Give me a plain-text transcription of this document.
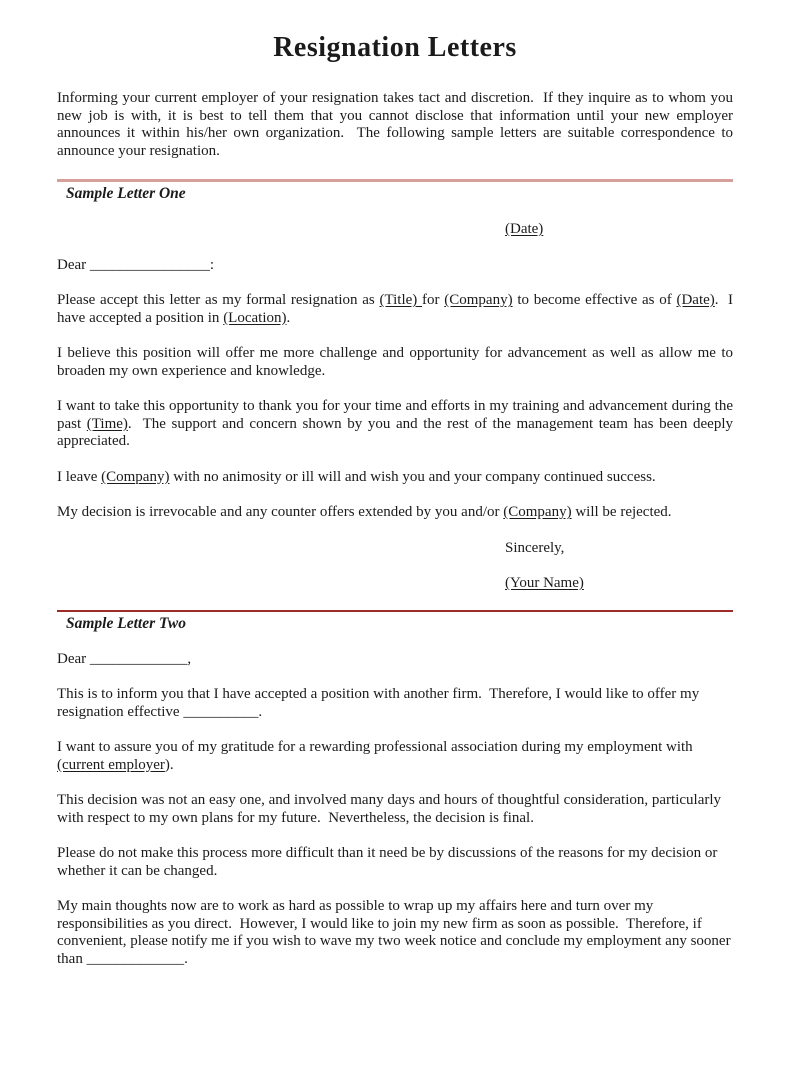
Resignation Letters

Informing your current employer of your resignation takes tact and discretion.  If they inquire as to whom you new job is with, it is best to tell them that you cannot disclose that information until your new employer announces it within his/her own organization.  The following sample letters are suitable correspondence to announce your resignation.

Sample Letter One

(Date)

Dear ________________:

Please accept this letter as my formal resignation as (Title) for (Company) to become effective as of (Date).  I have accepted a position in (Location).

I believe this position will offer me more challenge and opportunity for advancement as well as allow me to broaden my own experience and knowledge.

I want to take this opportunity to thank you for your time and efforts in my training and advancement during the past (Time).  The support and concern shown by you and the rest of the management team has been deeply appreciated.

I leave (Company) with no animosity or ill will and wish you and your company continued success.

My decision is irrevocable and any counter offers extended by you and/or (Company) will be rejected.

Sincerely,

(Your Name)

Sample Letter Two

Dear _____________,

This is to inform you that I have accepted a position with another firm.  Therefore, I would like to offer my resignation effective __________.

I want to assure you of my gratitude for a rewarding professional association during my employment with (current employer).

This decision was not an easy one, and involved many days and hours of thoughtful consideration, particularly with respect to my own plans for my future.  Nevertheless, the decision is final.

Please do not make this process more difficult than it need be by discussions of the reasons for my decision or whether it can be changed.

My main thoughts now are to work as hard as possible to wrap up my affairs here and turn over my responsibilities as you direct.  However, I would like to join my new firm as soon as possible.  Therefore, if convenient, please notify me if you wish to wave my two week notice and conclude my employment any sooner than _____________.
